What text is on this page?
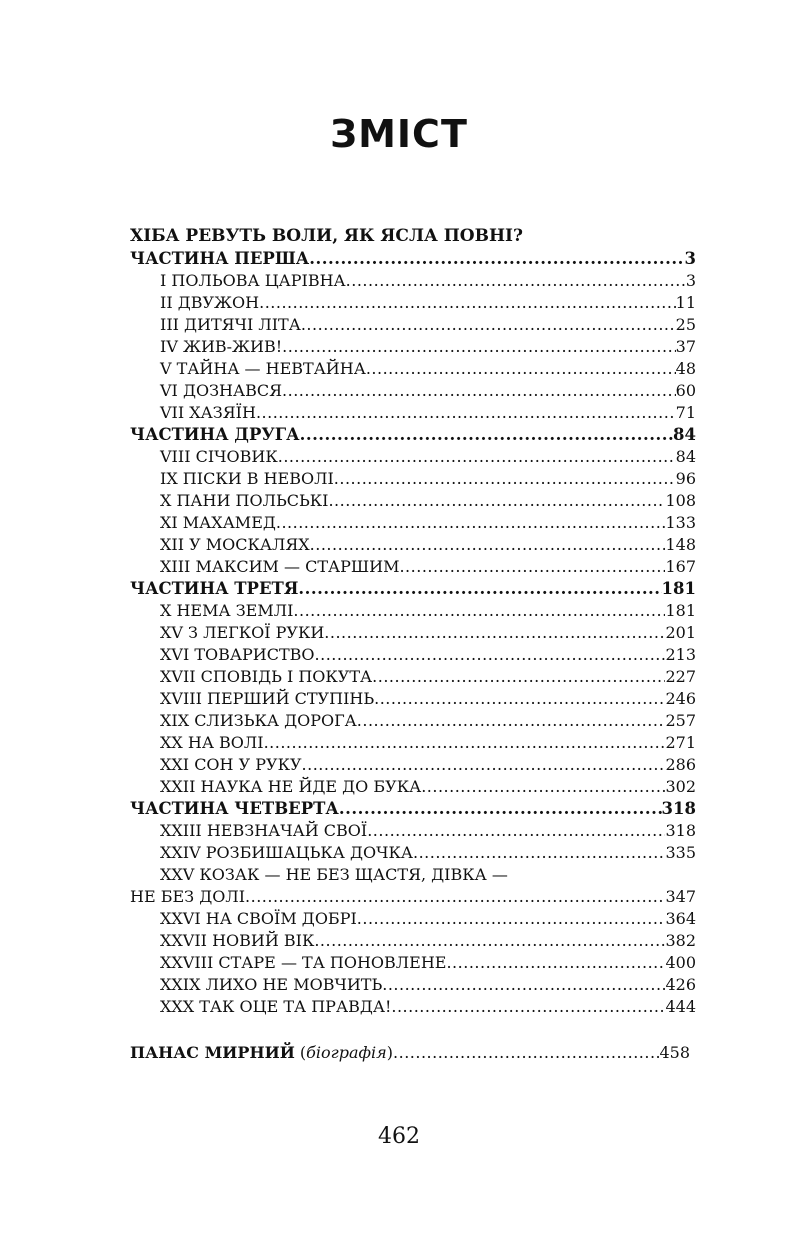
ЗМІСТ
ХІБА РЕВУТЬ ВОЛИ, ЯК ЯСЛА ПОВНІ?
ЧАСТИНА ПЕРША .....	3
І ПОЛЬОВА ЦАРІВНА .....	3
ІІ ДВУЖОН .....	11
ІІІ ДИТЯЧІ ЛІТА .....	25
IV ЖИВ-ЖИВ! .....	37
V ТАЙНА — НЕВТАЙНА .....	48
VІ ДОЗНАВСЯ .....	60
VІІ ХАЗЯЇН .....	71
ЧАСТИНА ДРУГА .....	84
VІІІ СІЧОВИК .....	84
ІХ ПІСКИ В НЕВОЛІ .....	96
Х ПАНИ ПОЛЬСЬКІ .....	108
ХІ МАХАМЕД .....	133
ХІІ У МОСКАЛЯХ .....	148
ХІІІ МАКСИМ — СТАРШИМ .....	167
ЧАСТИНА ТРЕТЯ .....	181
Х НЕМА ЗЕМЛІ .....	181
XV З ЛЕГКОЇ РУКИ .....	201
XVІ ТОВАРИСТВО .....	213
XVІІ СПОВІДЬ І ПОКУТА .....	227
XVІІІ ПЕРШИЙ СТУПІНЬ .....	246
ХІХ СЛИЗЬКА ДОРОГА .....	257
ХХ НА ВОЛІ .....	271
ХХІ СОН У РУКУ .....	286
ХХІІ НАУКА НЕ ЙДЕ ДО БУКА .....	302
ЧАСТИНА ЧЕТВЕРТА .....	318
ХХІІІ НЕВЗНАЧАЙ СВОЇ .....	318
ХХІV РОЗБИШАЦЬКА ДОЧКА .....	335
ХХV КОЗАК — НЕ БЕЗ ЩАСТЯ, ДІВКА —
НЕ БЕЗ ДОЛІ .....	347
ХХVІ НА СВОЇМ ДОБРІ .....	364
ХХVІІ НОВИЙ ВІК .....	382
ХХVІІІ СТАРЕ — ТА ПОНОВЛЕНЕ .....	400
ХХІХ ЛИХО НЕ МОВЧИТЬ .....	426
ХХХ ТАК ОЦЕ ТА ПРАВДА! .....	444
ПАНАС МИРНИЙ (біографія) .....	458
462
